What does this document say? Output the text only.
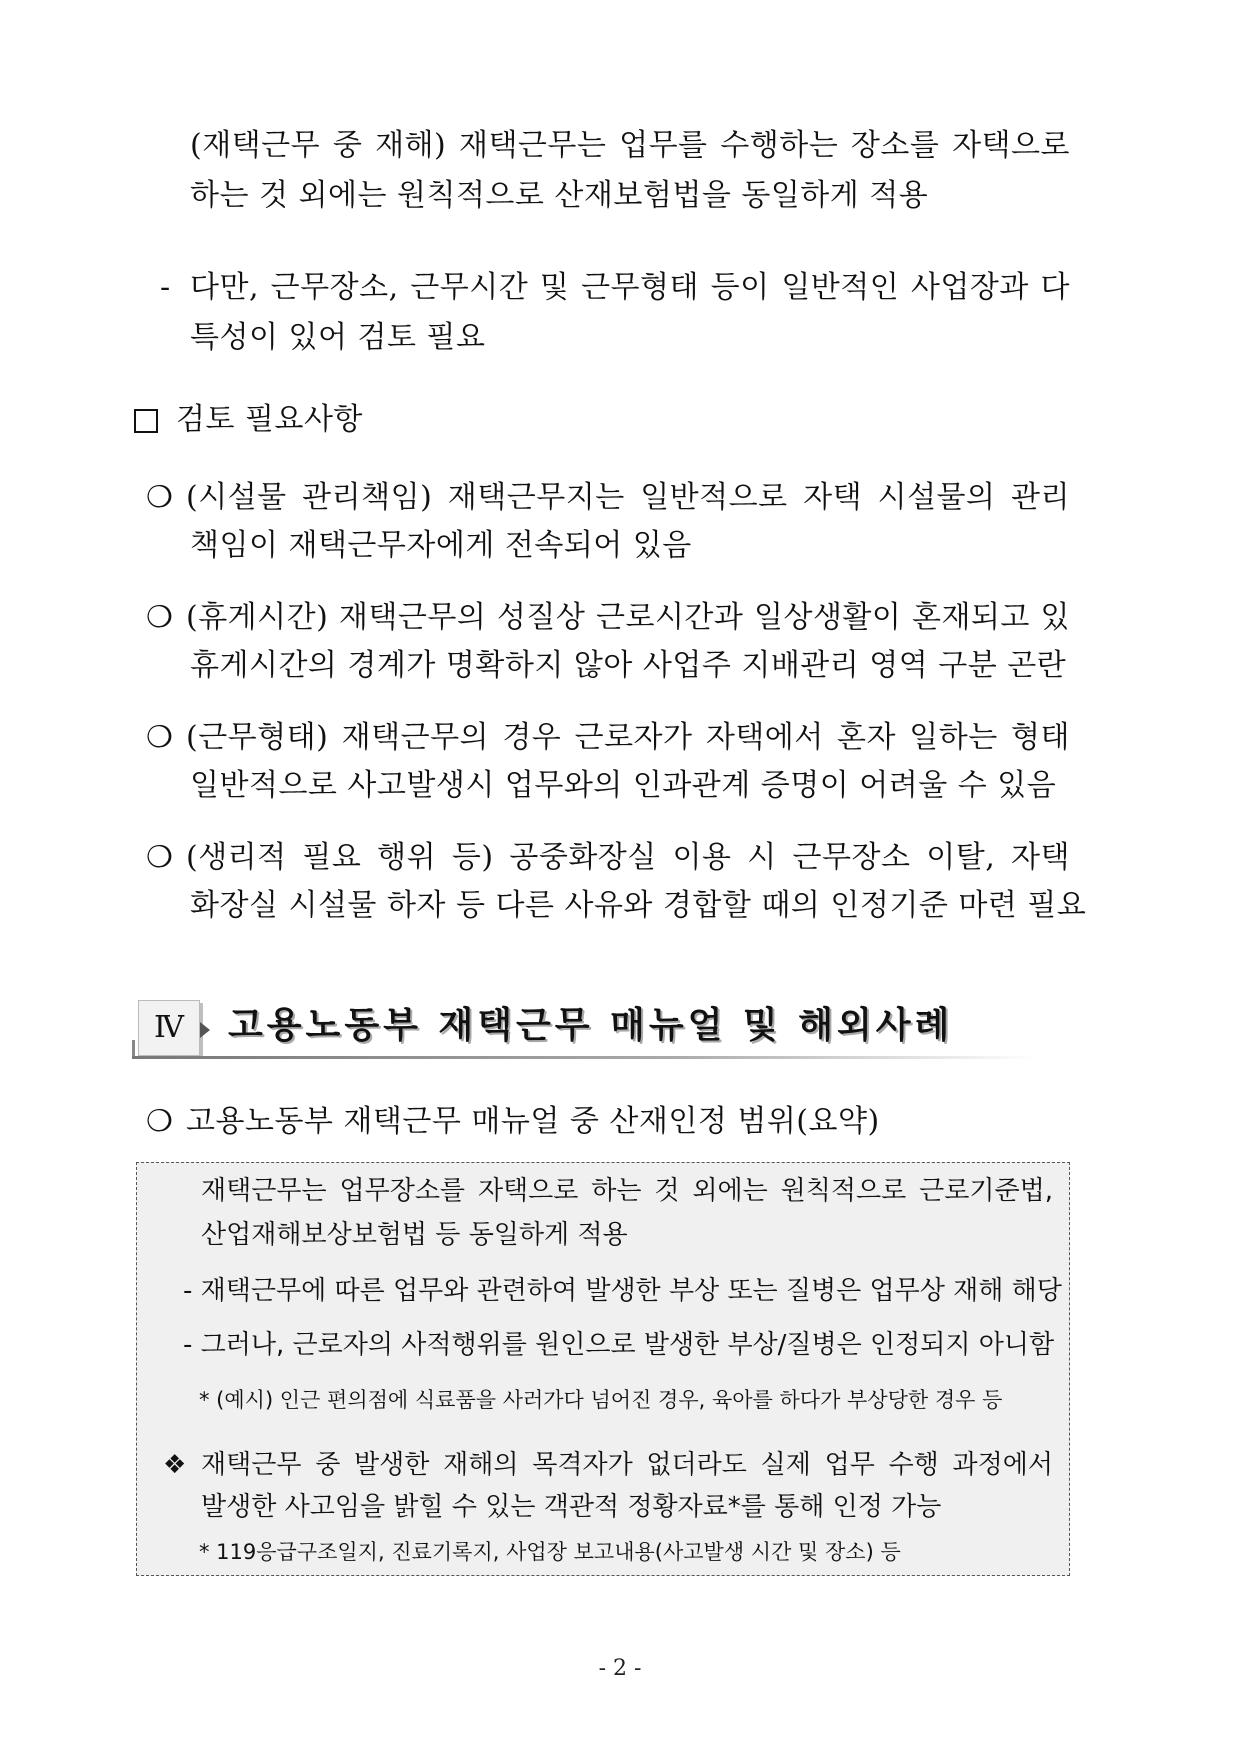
(재택근무 중 재해) 재택근무는 업무를 수행하는 장소를 자택으로
하는 것 외에는 원칙적으로 산재보험법을 동일하게 적용
- 다만, 근무장소, 근무시간 및 근무형태 등이 일반적인 사업장과 다
특성이 있어 검토 필요
검토 필요사항
❍ (시설물 관리책임) 재택근무지는 일반적으로 자택 시설물의 관리
책임이 재택근무자에게 전속되어 있음
❍ (휴게시간) 재택근무의 성질상 근로시간과 일상생활이 혼재되고 있
휴게시간의 경계가 명확하지 않아 사업주 지배관리 영역 구분 곤란
❍ (근무형태) 재택근무의 경우 근로자가 자택에서 혼자 일하는 형태
일반적으로 사고발생시 업무와의 인과관계 증명이 어려울 수 있음
❍ (생리적 필요 행위 등) 공중화장실 이용 시 근무장소 이탈, 자택
화장실 시설물 하자 등 다른 사유와 경합할 때의 인정기준 마련 필요
Ⅳ	고용노동부 재택근무 매뉴얼 및 해외사례
❍ 고용노동부 재택근무 매뉴얼 중 산재인정 범위(요약)
재택근무는 업무장소를 자택으로 하는 것 외에는 원칙적으로 근로기준법,
산업재해보상보험법 등 동일하게 적용
- 재택근무에 따른 업무와 관련하여 발생한 부상 또는 질병은 업무상 재해 해당
- 그러나, 근로자의 사적행위를 원인으로 발생한 부상/질병은 인정되지 아니함
* (예시) 인근 편의점에 식료품을 사러가다 넘어진 경우, 육아를 하다가 부상당한 경우 등
❖ 재택근무 중 발생한 재해의 목격자가 없더라도 실제 업무 수행 과정에서
발생한 사고임을 밝힐 수 있는 객관적 정황자료*를 통해 인정 가능
* 119응급구조일지, 진료기록지, 사업장 보고내용(사고발생 시간 및 장소) 등
- 2 -
